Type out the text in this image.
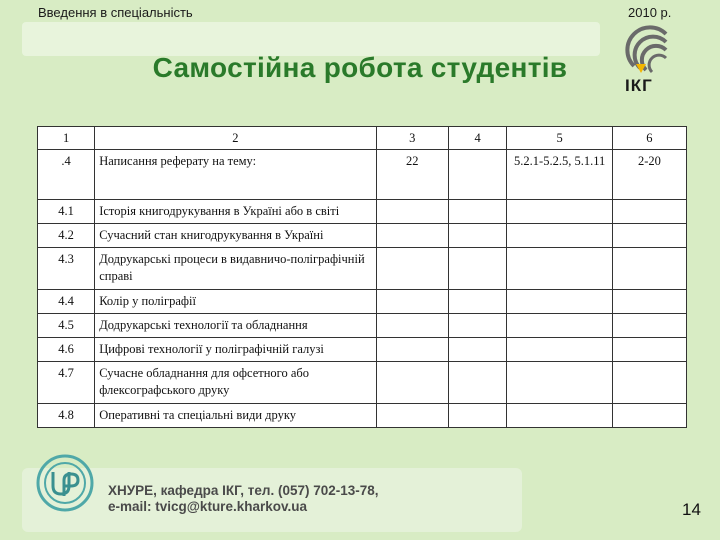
Введення в спеціальність	2010 р.
Самостійна робота студентів
ІКГ
1	2	3	4	5	6
.4	Написання реферату на тему:	22		5.2.1-5.2.5, 5.1.11	2-20
4.1	Історія книгодрукування в Україні або в світі				
4.2	Сучасний стан книгодрукування в Україні				
4.3	Додрукарські процеси в видавничо-поліграфічній справі				
4.4	Колір у поліграфії				
4.5	Додрукарські технології та обладнання				
4.6	Цифрові технології у поліграфічній галузі				
4.7	Сучасне обладнання для офсетного або флексографського друку				
4.8	Оперативні та спеціальні види друку				
ХНУРЕ, кафедра ІКГ, тел. (057) 702-13-78,
e-mail: tvicg@kture.kharkov.ua	14
